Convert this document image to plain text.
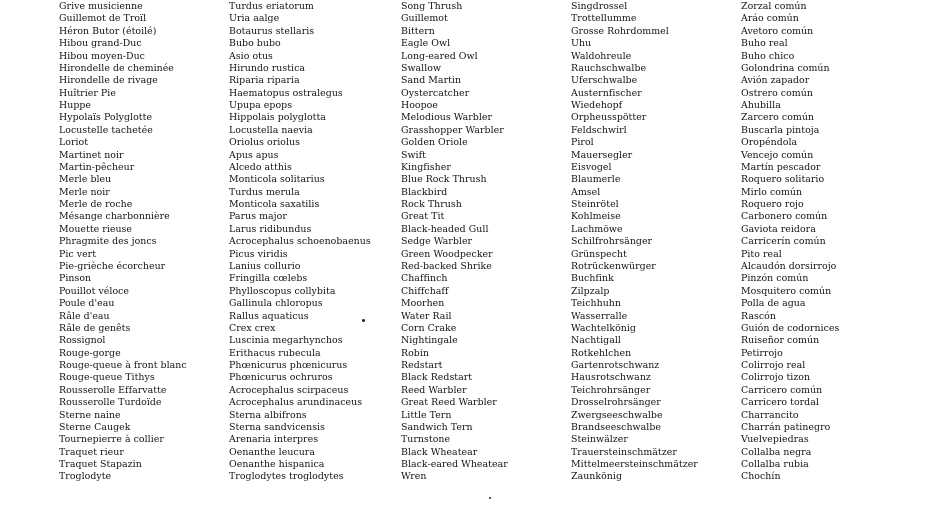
Grive musicienne	Turdus eriatorum	Song Thrush	Singdrossel	Zorzal común
Guillemot de Troïl	Uria aalge	Guillemot	Trottellumme	Aráo común
Héron Butor (étoilé)	Botaurus stellaris	Bittern	Grosse Rohrdommel	Avetoro común
Hibou grand-Duc	Bubo bubo	Eagle Owl	Uhu	Buho real
Hibou moyen-Duc	Asio otus	Long-eared Owl	Waldohreule	Buho chico
Hirondelle de cheminée	Hirundo rustica	Swallow	Rauchschwalbe	Golondrina común
Hirondelle de rivage	Riparia riparia	Sand Martin	Uferschwalbe	Avión zapador
Huîtrier Pie	Haematopus ostralegus	Oystercatcher	Austernfischer	Ostrero común
Huppe	Upupa epops	Hoopoe	Wiedehopf	Ahubilla
Hypolaïs Polyglotte	Hippolais polyglotta	Melodious Warbler	Orpheusspötter	Zarcero común
Locustelle tachetée	Locustella naevia	Grasshopper Warbler	Feldschwirl	Buscarla pintoja
Loriot	Oriolus oriolus	Golden Oriole	Pirol	Oropéndola
Martinet noir	Apus apus	Swift	Mauersegler	Vencejo común
Martin-pêcheur	Alcedo atthis	Kingfisher	Eisvogel	Martín pescador
Merle bleu	Monticola solitarius	Blue Rock Thrush	Blaumerle	Roquero solitario
Merle noir	Turdus merula	Blackbird	Amsel	Mirlo común
Merle de roche	Monticola saxatilis	Rock Thrush	Steinrötel	Roquero rojo
Mésange charbonnière	Parus major	Great Tit	Kohlmeise	Carbonero común
Mouette rieuse	Larus ridibundus	Black-headed Gull	Lachmöwe	Gaviota reidora
Phragmite des joncs	Acrocephalus schoenobaenus	Sedge Warbler	Schilfrohrsänger	Carricerín común
Pic vert	Picus viridis	Green Woodpecker	Grünspecht	Pito real
Pie-grièche écorcheur	Lanius collurio	Red-backed Shrike	Rotrückenwürger	Alcaudón dorsirrojo
Pinson	Fringilla cœlebs	Chaffinch	Buchfink	Pinzón común
Pouillot véloce	Phylloscopus collybita	Chiffchaff	Zilpzalp	Mosquitero común
Poule d'eau	Gallinula chloropus	Moorhen	Teichhuhn	Polla de agua
Râle d'eau	Rallus aquaticus	Water Rail	Wasserralle	Rascón
Râle de genêts	Crex crex	Corn Crake	Wachtelkönig	Guión de codornices
Rossignol	Luscinia megarhynchos	Nightingale	Nachtigall	Ruiseñor común
Rouge-gorge	Erithacus rubecula	Robin	Rotkehlchen	Petirrojo
Rouge-queue à front blanc	Phœnicurus phœnicurus	Redstart	Gartenrotschwanz	Colirrojo real
Rouge-queue Tithys	Phœnicurus ochruros	Black Redstart	Hausrotschwanz	Colirrojo tizon
Rousserolle Effarvatte	Acrocephalus scirpaceus	Reed Warbler	Teichrohrsänger	Carricero común
Rousserolle Turdoïde	Acrocephalus arundinaceus	Great Reed Warbler	Drosselrohrsänger	Carricero tordal
Sterne naine	Sterna albifrons	Little Tern	Zwergseeschwalbe	Charrancito
Sterne Caugek	Sterna sandvicensis	Sandwich Tern	Brandseeschwalbe	Charrán patinegro
Tournepierre à collier	Arenaria interpres	Turnstone	Steinwälzer	Vuelvepiedras
Traquet rieur	Oenanthe leucura	Black Wheatear	Trauersteinschmätzer	Collalba negra
Traquet Stapazin	Oenanthe hispanica	Black-eared Wheatear	Mittelmeersteinschmätzer	Collalba rubia
Troglodyte	Troglodytes troglodytes	Wren	Zaunkönig	Chochín
